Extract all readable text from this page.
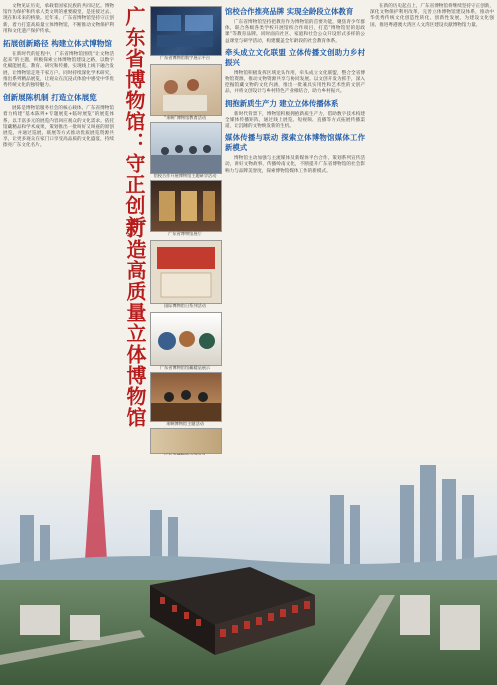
文物见证历史，承载着国家民族的共同记忆。博物馆作为保护和传承人类文明的重要殿堂，是连接过去、现在和未来的桥梁。近年来，广东省博物馆坚持守正创新，着力打造高质量立体博物馆，不断推动文物保护利用和文化遗产保护传承。

拓展创新路径 构建立体式博物馆

在新时代的征程中，广东省博物馆围绕“让文物活起来”的主题，积极探索立体博物馆建设之路，以数字化赋能展览、教育、研究和传播，实现线上线下融合发展，让博物馆走进千家万户。同时持续深化学术研究，推出系列精品展览，让观众在沉浸式体验中感受中华优秀传统文化的独特魅力。

创新展陈机制 打造立体展览

展陈是博物馆服务社会的核心载体。广东省博物馆着力构建“基本陈列+专题展览+临时展览”的展览体系，以丰富多元的展览内容回应观众的文化需求。依托馆藏精品和学术成果，策划推出一批叫好又叫座的原创展览，并通过巡展、联展等方式推动优质展览资源共享，让更多观众在家门口享受高品质的文化盛宴，持续擦亮广东文化名片。	广东省博物馆：守正创新
打造高质量立体博物馆
广东省博物馆数字展示平台
“来啊”博物馆教育活动
馆校合作开展博物馆主题研学活动
广东省博物馆展厅
国际博物馆日系列活动
广东省博物馆馆藏精品展示
来啊博物馆主题活动
馆校合作推亮品牌 实现全龄段立体教育

广东省博物馆坚持把教育作为博物馆的首要功能，聚焦青少年群体，联合各级各类学校开展馆校合作项目，打造“博物馆里的思政课”等教育品牌。同时面向社区、家庭和社会公众开设形式多样的公益课堂与研学活动，构建覆盖全年龄段的社会教育体系。

牵头成立文化联盟 立体传播文创助力乡村振兴

博物馆积极发挥区域龙头作用，牵头成立文化联盟，整合全省博物馆资源，推动文物资源共享与协同发展。以文创开发为抓手，深入挖掘馆藏文物的文化内涵，推出一批兼具实用性和艺术性的文创产品，并将文创设计与乡村特色产业相结合，助力乡村振兴。

拥抱新质生产力 建立立体传播体系

新时代背景下，博物馆积极拥抱新质生产力，借助数字技术构建全媒体传播矩阵，通过线上展览、短视频、直播等方式拓展传播渠道，让沉睡的文物焕发新的生机。

媒体传播与联动 探索立体博物馆媒体工作新模式

博物馆主动加强与主流媒体及新媒体平台合作，策划系列宣传活动，讲好文物故事，传播岭南文化，不断提升广东省博物馆的社会影响力与品牌美誉度，探索博物馆媒体工作的新模式。

在新的历史起点上，广东省博物馆将继续坚持守正创新，深化文物保护利用改革，完善立体博物馆建设体系，推动中华优秀传统文化创造性转化、创新性发展，为建设文化强国、推进粤港澳大湾区人文湾区建设贡献博物馆力量。
